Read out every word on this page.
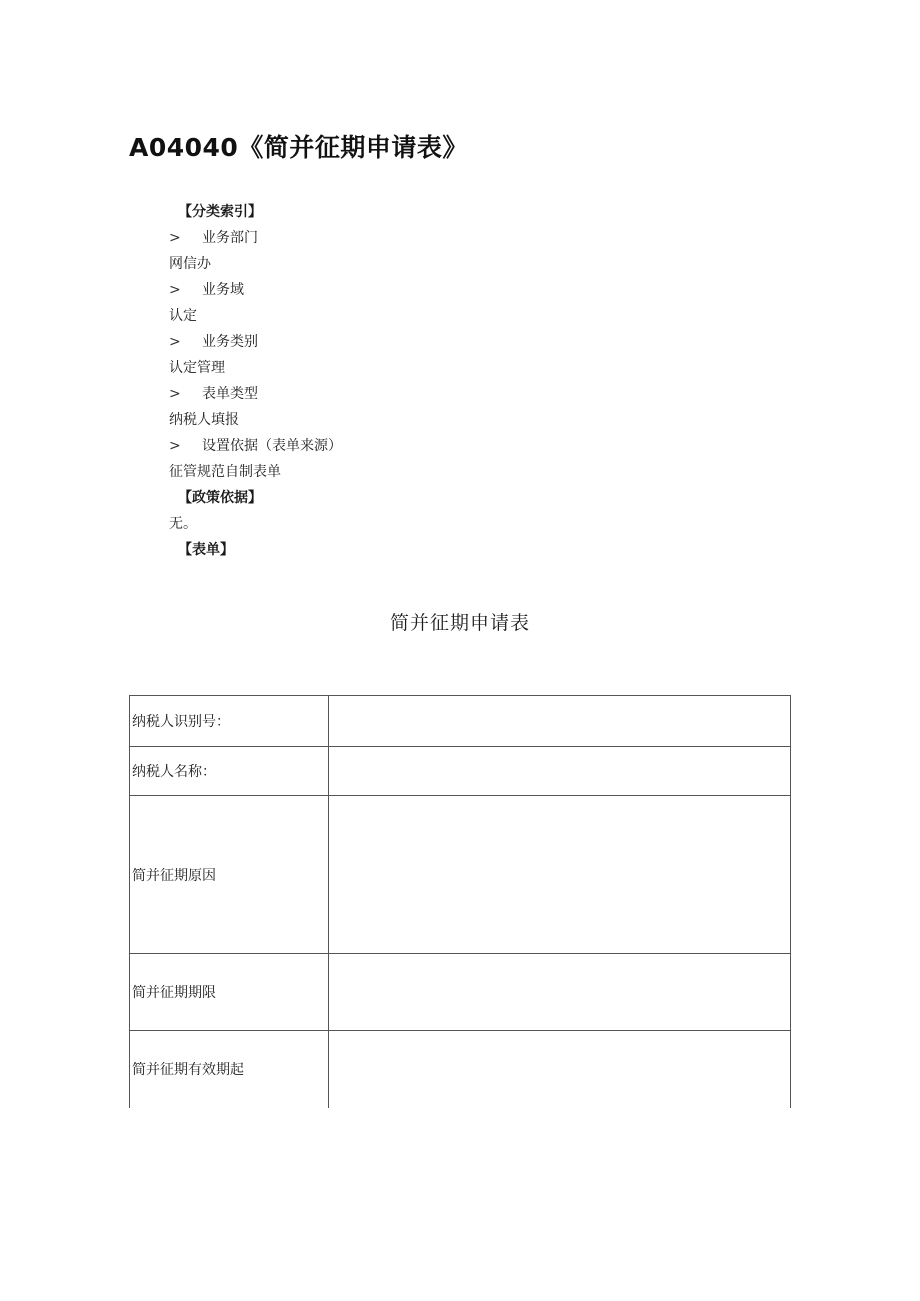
A04040《简并征期申请表》
【分类索引】
> 业务部门
网信办
> 业务域
认定
> 业务类别
认定管理
> 表单类型
纳税人填报
> 设置依据（表单来源）
征管规范自制表单
【政策依据】
无。
【表单】
简并征期申请表
纳税人识别号：	
纳税人名称：	
简并征期原因	
简并征期期限	
简并征期有效期起	
